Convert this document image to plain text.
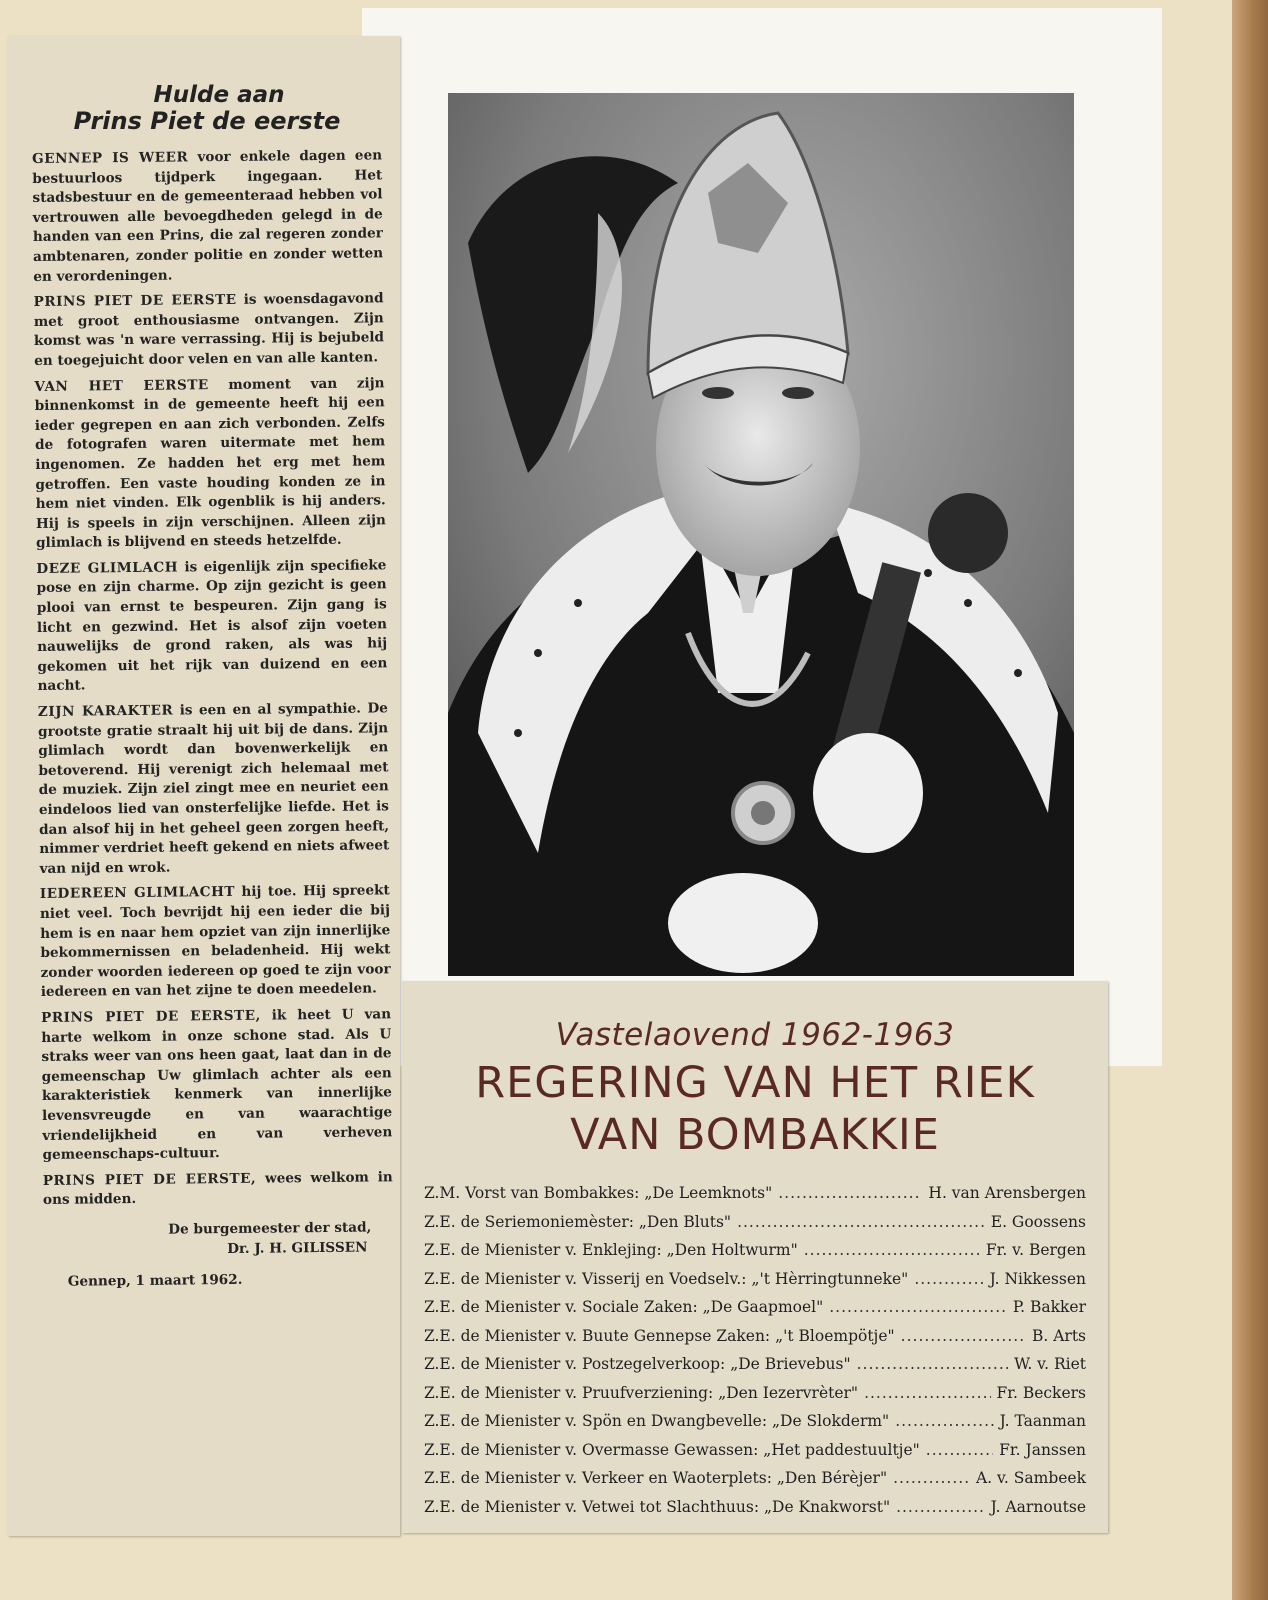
Hulde aan
Prins Piet de eerste

GENNEP IS WEER voor enkele dagen een bestuurloos tijdperk ingegaan. Het stadsbestuur en de gemeenteraad hebben vol vertrouwen alle bevoegdheden gelegd in de handen van een Prins, die zal regeren zonder ambtenaren, zonder politie en zonder wetten en verordeningen.

PRINS PIET DE EERSTE is woensdagavond met groot enthousiasme ontvangen. Zijn komst was 'n ware verrassing. Hij is bejubeld en toegejuicht door velen en van alle kanten.

VAN HET EERSTE moment van zijn binnenkomst in de gemeente heeft hij een ieder gegrepen en aan zich verbonden. Zelfs de fotografen waren uitermate met hem ingenomen. Ze hadden het erg met hem getroffen. Een vaste houding konden ze in hem niet vinden. Elk ogenblik is hij anders. Hij is speels in zijn verschijnen. Alleen zijn glimlach is blijvend en steeds hetzelfde.

DEZE GLIMLACH is eigenlijk zijn specifieke pose en zijn charme. Op zijn gezicht is geen plooi van ernst te bespeuren. Zijn gang is licht en gezwind. Het is alsof zijn voeten nauwelijks de grond raken, als was hij gekomen uit het rijk van duizend en een nacht.

ZIJN KARAKTER is een en al sympathie. De grootste gratie straalt hij uit bij de dans. Zijn glimlach wordt dan bovenwerkelijk en betoverend. Hij verenigt zich helemaal met de muziek. Zijn ziel zingt mee en neuriet een eindeloos lied van onsterfelijke liefde. Het is dan alsof hij in het geheel geen zorgen heeft, nimmer verdriet heeft gekend en niets afweet van nijd en wrok.

IEDEREEN GLIMLACHT hij toe. Hij spreekt niet veel. Toch bevrijdt hij een ieder die bij hem is en naar hem opziet van zijn innerlijke bekommernissen en beladenheid. Hij wekt zonder woorden iedereen op goed te zijn voor iedereen en van het zijne te doen meedelen.

PRINS PIET DE EERSTE, ik heet U van harte welkom in onze schone stad. Als U straks weer van ons heen gaat, laat dan in de gemeenschap Uw glimlach achter als een karakteristiek kenmerk van innerlijke levensvreugde en van waarachtige vriendelijkheid en van verheven gemeenschaps-cultuur.

PRINS PIET DE EERSTE, wees welkom in ons midden.

De burgemeester der stad,
Dr. J. H. GILISSEN
Gennep, 1 maart 1962.
Vastelaovend 1962-1963
REGERING VAN HET RIEK
VAN BOMBAKKIE
Z.M. Vorst van Bombakkes: „De Leemknots" .....	H. van Arensbergen
Z.E. de Seriemoniemèster: „Den Bluts" .....	E. Goossens
Z.E. de Mienister v. Enklejing: „Den Holtwurm" .....	Fr. v. Bergen
Z.E. de Mienister v. Visserij en Voedselv.: „'t Hèrringtunneke" .....	J. Nikkessen
Z.E. de Mienister v. Sociale Zaken: „De Gaapmoel" .....	P. Bakker
Z.E. de Mienister v. Buute Gennepse Zaken: „'t Bloempötje" .....	B. Arts
Z.E. de Mienister v. Postzegelverkoop: „De Brievebus" .....	W. v. Riet
Z.E. de Mienister v. Pruufverziening: „Den Iezervrèter" .....	Fr. Beckers
Z.E. de Mienister v. Spön en Dwangbevelle: „De Slokderm" .....	J. Taanman
Z.E. de Mienister v. Overmasse Gewassen: „Het paddestuultje" .....	Fr. Janssen
Z.E. de Mienister v. Verkeer en Waoterplets: „Den Bérèjer" .....	A. v. Sambeek
Z.E. de Mienister v. Vetwei tot Slachthuus: „De Knakworst" .....	J. Aarnoutse
